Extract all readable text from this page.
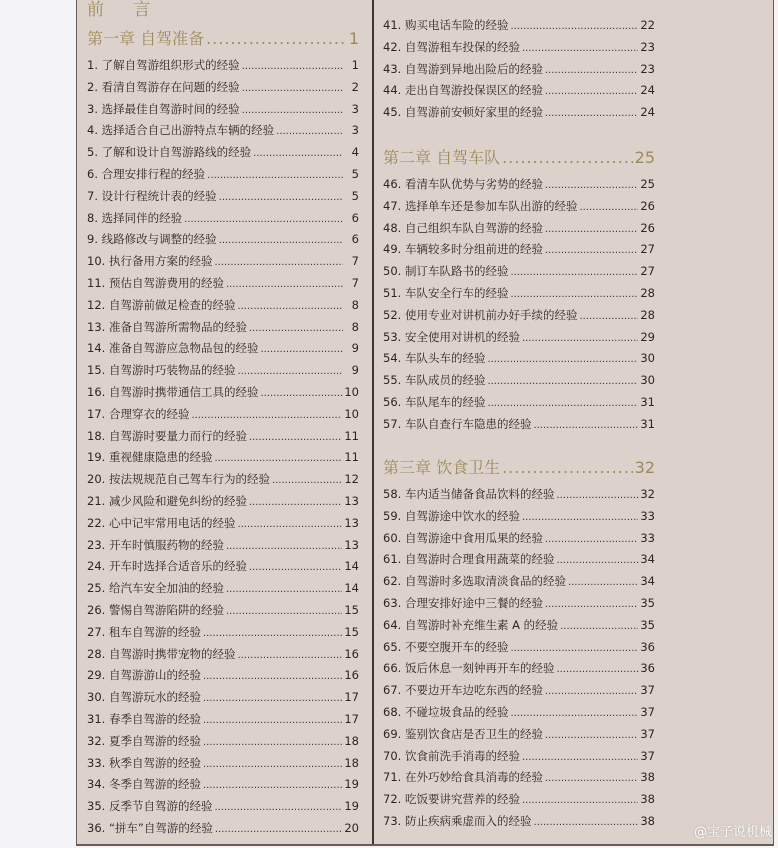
前 言
第一章 自驾准备 .....	1
1. 了解自驾游组织形式的经验 .....	1
2. 看清自驾游存在问题的经验 .....	2
3. 选择最佳自驾游时间的经验 .....	3
4. 选择适合自己出游特点车辆的经验 .....	3
5. 了解和设计自驾游路线的经验 .....	4
6. 合理安排行程的经验 .....	5
7. 设计行程统计表的经验 .....	5
8. 选择同伴的经验 .....	6
9. 线路修改与调整的经验 .....	6
10. 执行备用方案的经验 .....	7
11. 预估自驾游费用的经验 .....	7
12. 自驾游前做足检查的经验 .....	8
13. 准备自驾游所需物品的经验 .....	8
14. 准备自驾游应急物品包的经验 .....	9
15. 自驾游时巧装物品的经验 .....	9
16. 自驾游时携带通信工具的经验 .....	10
17. 合理穿衣的经验 .....	10
18. 自驾游时要量力而行的经验 .....	11
19. 重视健康隐患的经验 .....	11
20. 按法规规范自己驾车行为的经验 .....	12
21. 减少风险和避免纠纷的经验 .....	13
22. 心中记牢常用电话的经验 .....	13
23. 开车时慎服药物的经验 .....	13
24. 开车时选择合适音乐的经验 .....	14
25. 给汽车安全加油的经验 .....	14
26. 警惕自驾游陷阱的经验 .....	15
27. 租车自驾游的经验 .....	15
28. 自驾游时携带宠物的经验 .....	16
29. 自驾游游山的经验 .....	16
30. 自驾游玩水的经验 .....	17
31. 春季自驾游的经验 .....	17
32. 夏季自驾游的经验 .....	18
33. 秋季自驾游的经验 .....	18
34. 冬季自驾游的经验 .....	19
35. 反季节自驾游的经验 .....	19
36. “拼车”自驾游的经验 .....	20
41. 购买电话车险的经验 .....	22
42. 自驾游租车投保的经验 .....	23
43. 自驾游到异地出险后的经验 .....	23
44. 走出自驾游投保误区的经验 .....	24
45. 自驾游前安顿好家里的经验 .....	24
第二章 自驾车队 .....	25
46. 看清车队优势与劣势的经验 .....	25
47. 选择单车还是参加车队出游的经验 .....	26
48. 自己组织车队自驾游的经验 .....	26
49. 车辆较多时分组前进的经验 .....	27
50. 制订车队路书的经验 .....	27
51. 车队安全行车的经验 .....	28
52. 使用专业对讲机前办好手续的经验 .....	28
53. 安全使用对讲机的经验 .....	29
54. 车队头车的经验 .....	30
55. 车队成员的经验 .....	30
56. 车队尾车的经验 .....	31
57. 车队自查行车隐患的经验 .....	31
第三章 饮食卫生 .....	32
58. 车内适当储备食品饮料的经验 .....	32
59. 自驾游途中饮水的经验 .....	33
60. 自驾游途中食用瓜果的经验 .....	33
61. 自驾游时合理食用蔬菜的经验 .....	34
62. 自驾游时多选取清淡食品的经验 .....	34
63. 合理安排好途中三餐的经验 .....	35
64. 自驾游时补充维生素 A 的经验 .....	35
65. 不要空腹开车的经验 .....	36
66. 饭后休息一刻钟再开车的经验 .....	36
67. 不要边开车边吃东西的经验 .....	37
68. 不碰垃圾食品的经验 .....	37
69. 鉴别饮食店是否卫生的经验 .....	37
70. 饮食前洗手消毒的经验 .....	37
71. 在外巧妙给食具消毒的经验 .....	38
72. 吃饭要讲究营养的经验 .....	38
73. 防止疾病乘虚而入的经验 .....	38
@宝子说机械
